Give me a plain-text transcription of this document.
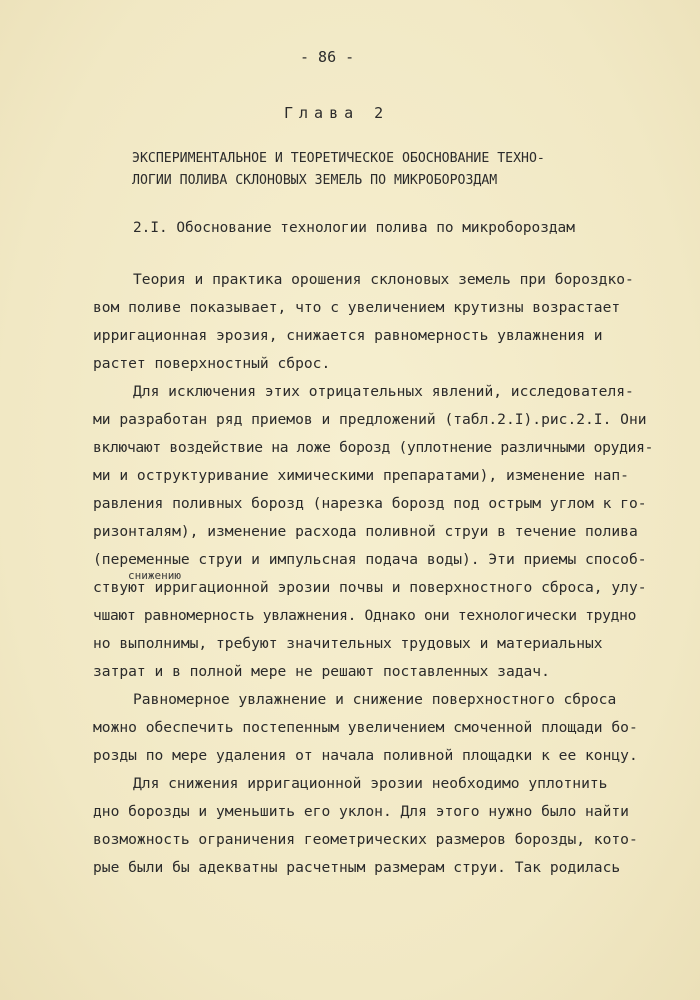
- 86 -
Глава 2
ЭКСПЕРИМЕНТАЛЬНОЕ И ТЕОРЕТИЧЕСКОЕ ОБОСНОВАНИЕ ТЕХНО-
ЛОГИИ ПОЛИВА СКЛОНОВЫХ ЗЕМЕЛЬ ПО МИКРОБОРОЗДАМ
2.I. Обоснование технологии полива по микробороздам
снижению
Теория и практика орошения склоновых земель при бороздко-
вом поливе показывает, что с увеличением крутизны возрастает
ирригационная эрозия, снижается равномерность увлажнения и
растет поверхностный сброс.
Для исключения этих отрицательных явлений, исследователя-
ми разработан ряд приемов и предложений (табл.2.I).рис.2.I. Они
включают воздействие на ложе борозд (уплотнение различными орудия-
ми и оструктуривание химическими препаратами), изменение нап-
равления поливных борозд (нарезка борозд под острым углом к го-
ризонталям), изменение расхода поливной струи в течение полива
(переменные струи и импульсная подача воды). Эти приемы способ-
ствуют ирригационной эрозии почвы и поверхностного сброса, улу-
чшают равномерность увлажнения. Однако они технологически трудно
но выполнимы, требуют значительных трудовых и материальных
затрат и в полной мере не решают поставленных задач.
Равномерное увлажнение и снижение поверхностного сброса
можно обеспечить постепенным увеличением смоченной площади бо-
розды по мере удаления от начала поливной площадки к ее концу.
Для снижения ирригационной эрозии необходимо уплотнить
дно борозды и уменьшить его уклон. Для этого нужно было найти
возможность ограничения геометрических размеров борозды, кото-
рые были бы адекватны расчетным размерам струи. Так родилась
